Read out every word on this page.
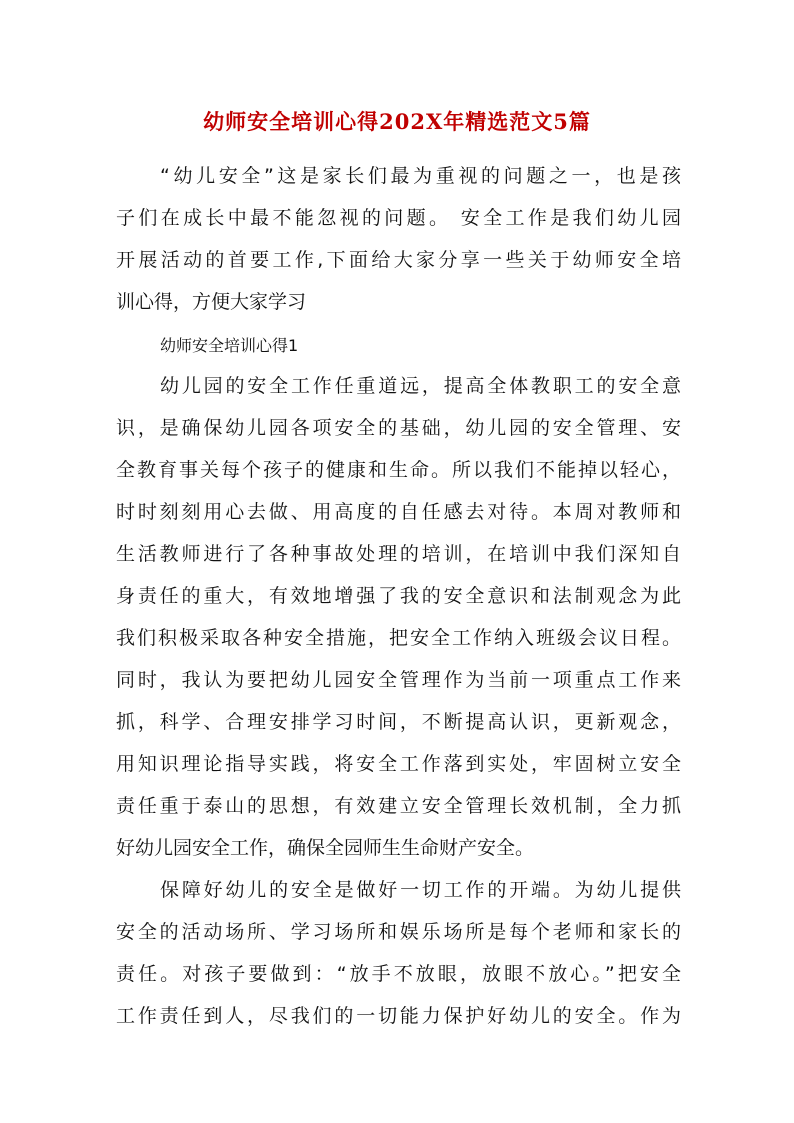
幼师安全培训心得202X年精选范文5篇
“幼儿安全”这是家长们最为重视的问题之一，也是孩
子们在成长中最不能忽视的问题。 安全工作是我们幼儿园
开展活动的首要工作,下面给大家分享一些关于幼师安全培
训心得，方便大家学习
幼师安全培训心得1
幼儿园的安全工作任重道远，提高全体教职工的安全意
识，是确保幼儿园各项安全的基础，幼儿园的安全管理、安
全教育事关每个孩子的健康和生命。所以我们不能掉以轻心，
时时刻刻用心去做、用高度的自任感去对待。本周对教师和
生活教师进行了各种事故处理的培训，在培训中我们深知自
身责任的重大，有效地增强了我的安全意识和法制观念为此
我们积极采取各种安全措施，把安全工作纳入班级会议日程。
同时，我认为要把幼儿园安全管理作为当前一项重点工作来
抓，科学、合理安排学习时间，不断提高认识，更新观念，
用知识理论指导实践，将安全工作落到实处，牢固树立安全
责任重于泰山的思想，有效建立安全管理长效机制，全力抓
好幼儿园安全工作，确保全园师生生命财产安全。
保障好幼儿的安全是做好一切工作的开端。为幼儿提供
安全的活动场所、学习场所和娱乐场所是每个老师和家长的
责任。对孩子要做到：“放手不放眼，放眼不放心。”把安全
工作责任到人，尽我们的一切能力保护好幼儿的安全。作为
